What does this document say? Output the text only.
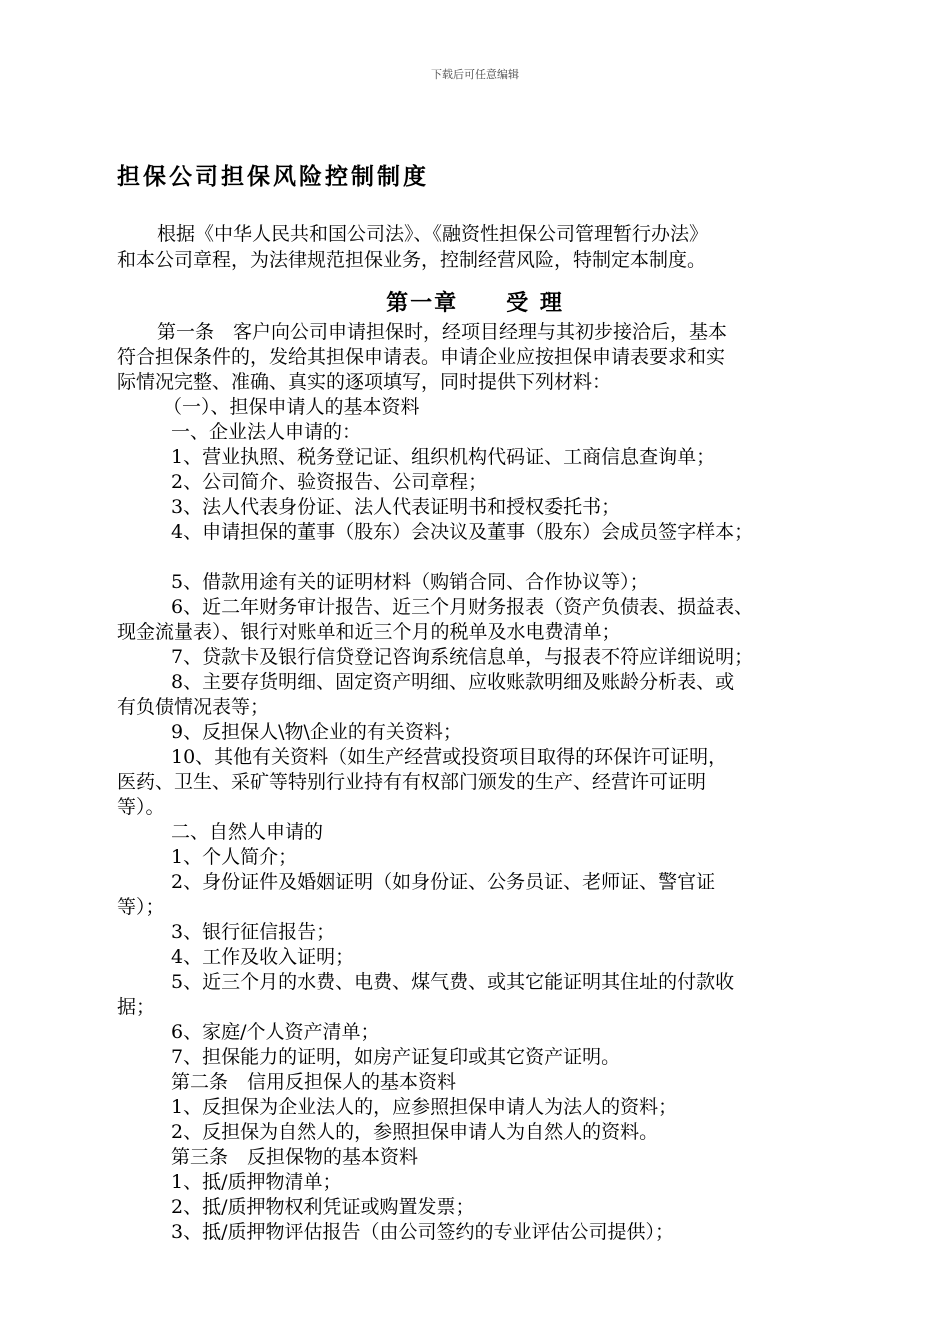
下载后可任意编辑
担保公司担保风险控制制度
根据《中华人民共和国公司法》、《融资性担保公司管理暂行办法》
和本公司章程，为法律规范担保业务，控制经营风险，特制定本制度。
第一章　　受 理
第一条　客户向公司申请担保时，经项目经理与其初步接洽后，基本
符合担保条件的，发给其担保申请表。申请企业应按担保申请表要求和实
际情况完整、准确、真实的逐项填写，同时提供下列材料：
（一）、担保申请人的基本资料
一、企业法人申请的：
1、营业执照、税务登记证、组织机构代码证、工商信息查询单；
2、公司简介、验资报告、公司章程；
3、法人代表身份证、法人代表证明书和授权委托书；
4、申请担保的董事（股东）会决议及董事（股东）会成员签字样本；
5、借款用途有关的证明材料（购销合同、合作协议等）；
6、近二年财务审计报告、近三个月财务报表（资产负债表、损益表、
现金流量表）、银行对账单和近三个月的税单及水电费清单；
7、贷款卡及银行信贷登记咨询系统信息单，与报表不符应详细说明；
8、主要存货明细、固定资产明细、应收账款明细及账龄分析表、或
有负债情况表等；
9、反担保人\物\企业的有关资料；
10、其他有关资料（如生产经营或投资项目取得的环保许可证明，
医药、卫生、采矿等特别行业持有有权部门颁发的生产、经营许可证明
等）。
二、自然人申请的
1、个人简介；
2、身份证件及婚姻证明（如身份证、公务员证、老师证、警官证
等）；
3、银行征信报告；
4、工作及收入证明；
5、近三个月的水费、电费、煤气费、或其它能证明其住址的付款收
据；
6、家庭/个人资产清单；
7、担保能力的证明，如房产证复印或其它资产证明。
第二条　信用反担保人的基本资料
1、反担保为企业法人的，应参照担保申请人为法人的资料；
2、反担保为自然人的，参照担保申请人为自然人的资料。
第三条　反担保物的基本资料
1、抵/质押物清单；
2、抵/质押物权利凭证或购置发票；
3、抵/质押物评估报告（由公司签约的专业评估公司提供）；
